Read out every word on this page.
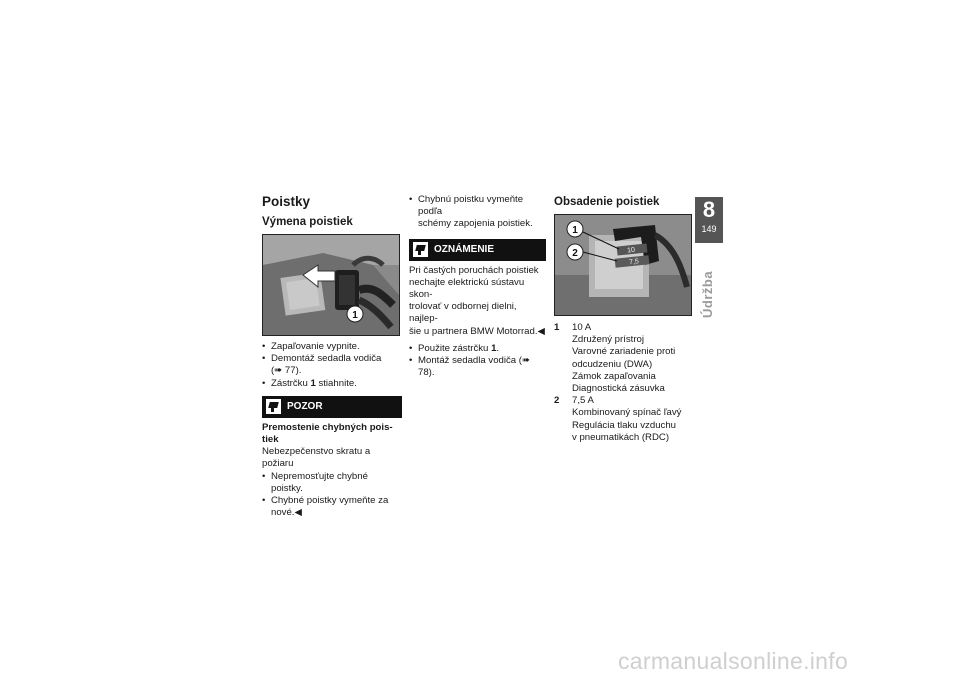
Poistky
Výmena poistiek
1
• Zapaľovanie vypnite.
• Demontáž sedadla vodiča
(➠ 77).
• Zástrčku 1 stiahnite.
POZOR
Premostenie chybných pois-
tiek
Nebezpečenstvo skratu a požiaru
• Nepremosťujte chybné poistky.
• Chybné poistky vymeňte za nové.◀
• Chybnú poistku vymeňte podľa
schémy zapojenia poistiek.
OZNÁMENIE
Pri častých poruchách poistiek
nechajte elektrickú sústavu skon-
trolovať v odbornej dielni, najlep-
šie u partnera BMW Motorrad.◀
• Použite zástrčku 1.
• Montáž sedadla vodiča (➠ 78).
Obsadenie poistiek
10
7,5
1
2
1	10 A
Združený prístroj
Varovné zariadenie proti
odcudzeniu (DWA)
Zámok zapaľovania
Diagnostická zásuvka
2	7,5 A
Kombinovaný spínač ľavý
Regulácia tlaku vzduchu
v pneumatikách (RDC)
8
149
Údržba
carmanualsonline.info
